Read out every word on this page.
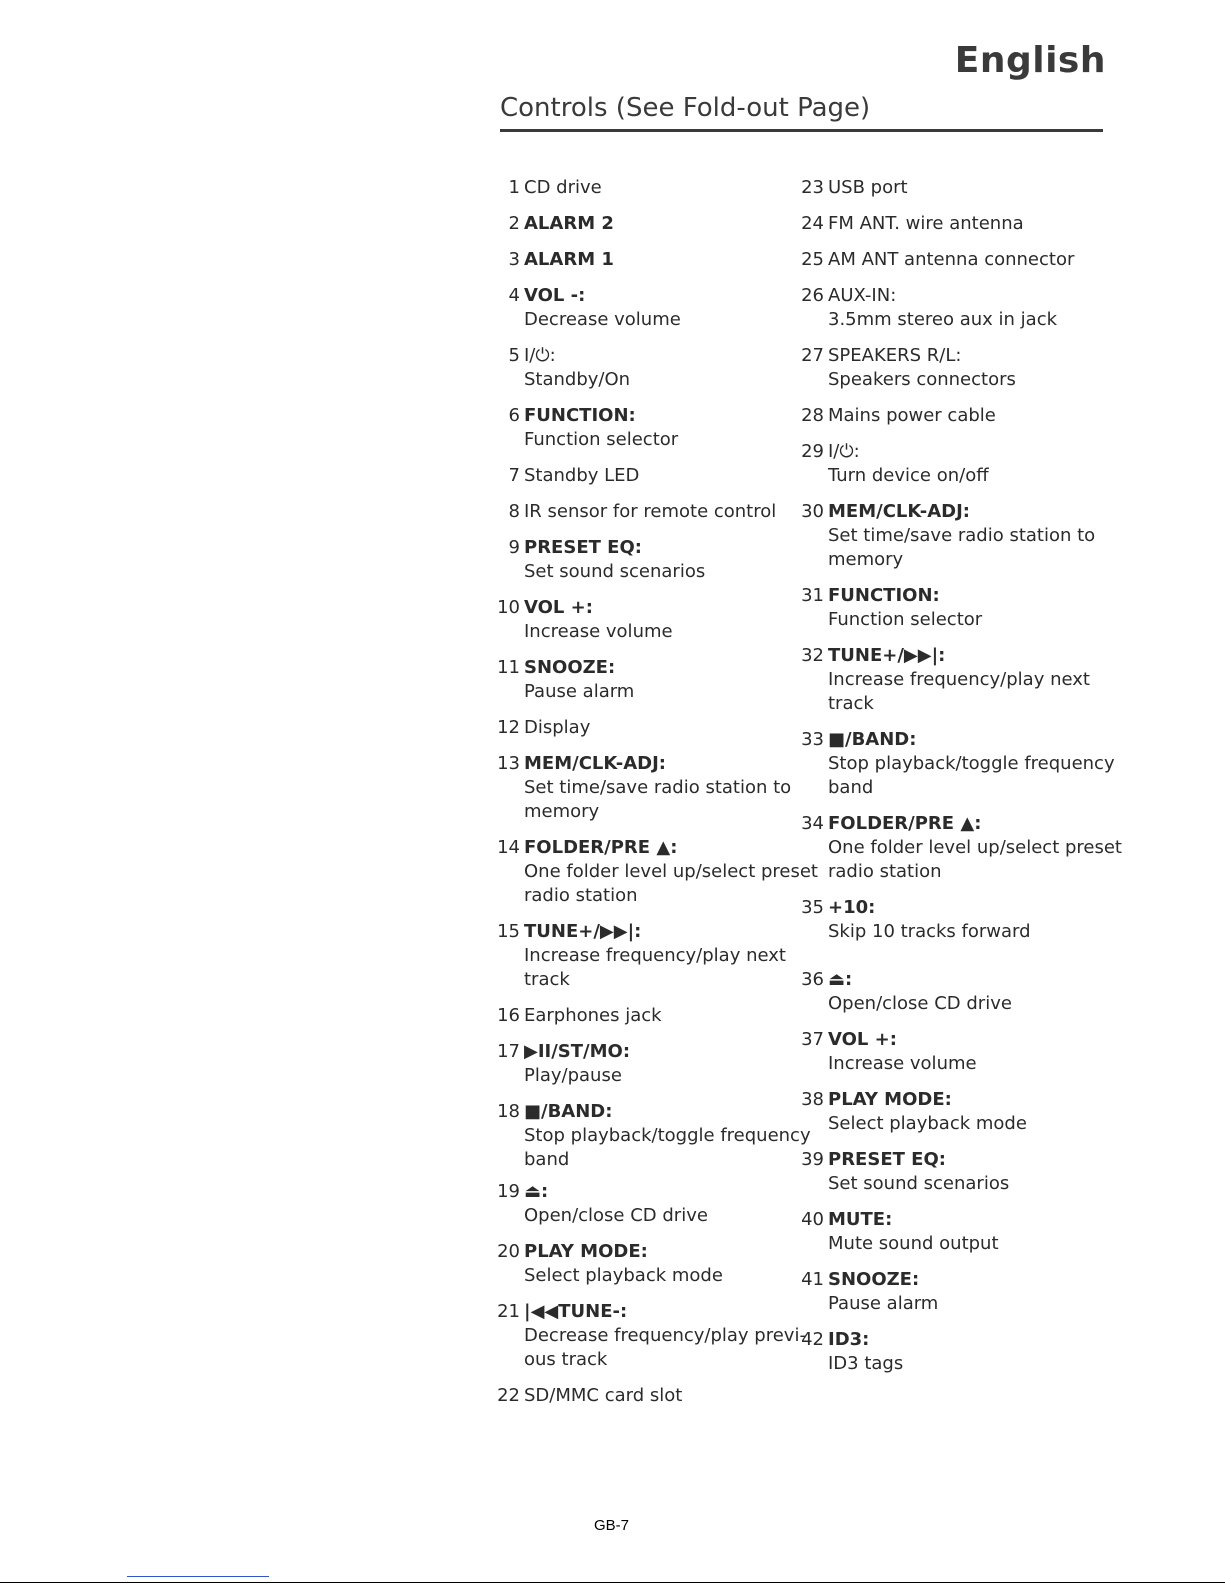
English
Controls (See Fold-out Page)
1 CD drive
2 ALARM 2
3 ALARM 1
4 VOL -:
Decrease volume
5 I/⏻:
Standby/On
6 FUNCTION:
Function selector
7 Standby LED
8 IR sensor for remote control
9 PRESET EQ:
Set sound scenarios
10 VOL +:
Increase volume
11 SNOOZE:
Pause alarm
12 Display
13 MEM/CLK-ADJ:
Set time/save radio station to
memory
14 FOLDER/PRE ▲:
One folder level up/select preset
radio station
15 TUNE+/▶▶|:
Increase frequency/play next
track
16 Earphones jack
17 ▶II/ST/MO:
Play/pause
18 ■/BAND:
Stop playback/toggle frequency
band
19 ⏏:
Open/close CD drive
20 PLAY MODE:
Select playback mode
21 |◀◀TUNE-:
Decrease frequency/play previ-
ous track
22 SD/MMC card slot
23 USB port
24 FM ANT. wire antenna
25 AM ANT antenna connector
26 AUX-IN:
3.5mm stereo aux in jack
27 SPEAKERS R/L:
Speakers connectors
28 Mains power cable
29 I/⏻:
Turn device on/off
30 MEM/CLK-ADJ:
Set time/save radio station to
memory
31 FUNCTION:
Function selector
32 TUNE+/▶▶|:
Increase frequency/play next
track
33 ■/BAND:
Stop playback/toggle frequency
band
34 FOLDER/PRE ▲:
One folder level up/select preset
radio station
35 +10:
Skip 10 tracks forward
36 ⏏:
Open/close CD drive
37 VOL +:
Increase volume
38 PLAY MODE:
Select playback mode
39 PRESET EQ:
Set sound scenarios
40 MUTE:
Mute sound output
41 SNOOZE:
Pause alarm
42 ID3:
ID3 tags
GB-7
